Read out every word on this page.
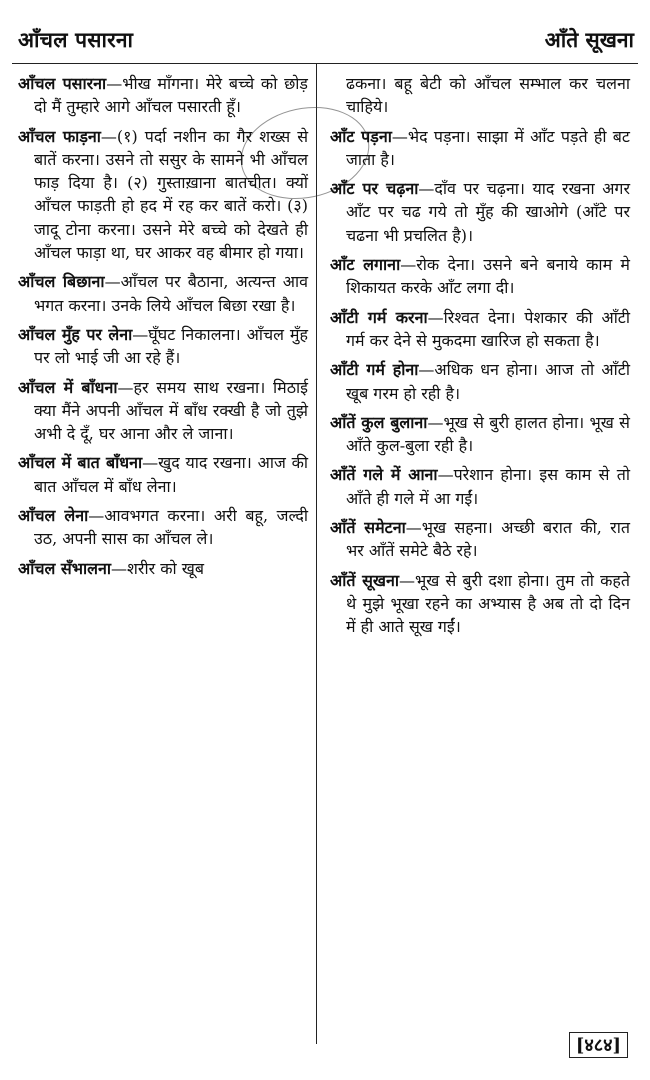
आँचल पसारना	आँते सूखना

आँचल पसारना—भीख माँगना। मेरे बच्चे को छोड़ दो मैं तुम्हारे आगे आँचल पसारती हूँ।

आँचल फाड़ना—(१) पर्दा नशीन का गैर शख्स से बातें करना। उसने तो ससुर के सामने भी आँचल फाड़ दिया है। (२) गुस्ताख़ाना बातचीत। क्यों आँचल फाड़ती हो हद में रह कर बातें करो। (३) जादू टोना करना। उसने मेरे बच्चे को देखते ही आँचल फाड़ा था, घर आकर वह बीमार हो गया।

आँचल बिछाना—आँचल पर बैठाना, अत्यन्त आव भगत करना। उनके लिये आँचल बिछा रखा है।

आँचल मुँह पर लेना—घूँघट निकालना। आँचल मुँह पर लो भाई जी आ रहे हैं।

आँचल में बाँधना—हर समय साथ रखना। मिठाई क्या मैंने अपनी आँचल में बाँध रक्खी है जो तुझे अभी दे दूँ, घर आना और ले जाना।

आँचल में बात बाँधना—खुद याद रखना। आज की बात आँचल में बाँध लेना।

आँचल लेना—आवभगत करना। अरी बहू, जल्दी उठ, अपनी सास का आँचल ले।

आँचल सँभालना—शरीर को खूब

ढकना। बहू बेटी को आँचल सम्भाल कर चलना चाहिये।

आँट पड़ना—भेद पड़ना। साझा में आँट पड़ते ही बट जाता है।

आँट पर चढ़ना—दाँव पर चढ़ना। याद रखना अगर आँट पर चढ गये तो मुँह की खाओगे (आँटे पर चढना भी प्रचलित है)।

आँट लगाना—रोक देना। उसने बने बनाये काम मे शिकायत करके आँट लगा दी।

आँटी गर्म करना—रिश्वत देना। पेशकार की आँटी गर्म कर देने से मुकदमा खारिज हो सकता है।

आँटी गर्म होना—अधिक धन होना। आज तो आँटी खूब गरम हो रही है।

आँतें कुल बुलाना—भूख से बुरी हालत होना। भूख से आँते कुल-बुला रही है।

आँतें गले में आना—परेशान होना। इस काम से तो आँते ही गले में आ गईं।

आँतें समेटना—भूख सहना। अच्छी बरात की, रात भर आँतें समेटे बैठे रहे।

आँतें सूखना—भूख से बुरी दशा होना। तुम तो कहते थे मुझे भूखा रहने का अभ्यास है अब तो दो दिन में ही आते सूख गईं।

[४८४]
